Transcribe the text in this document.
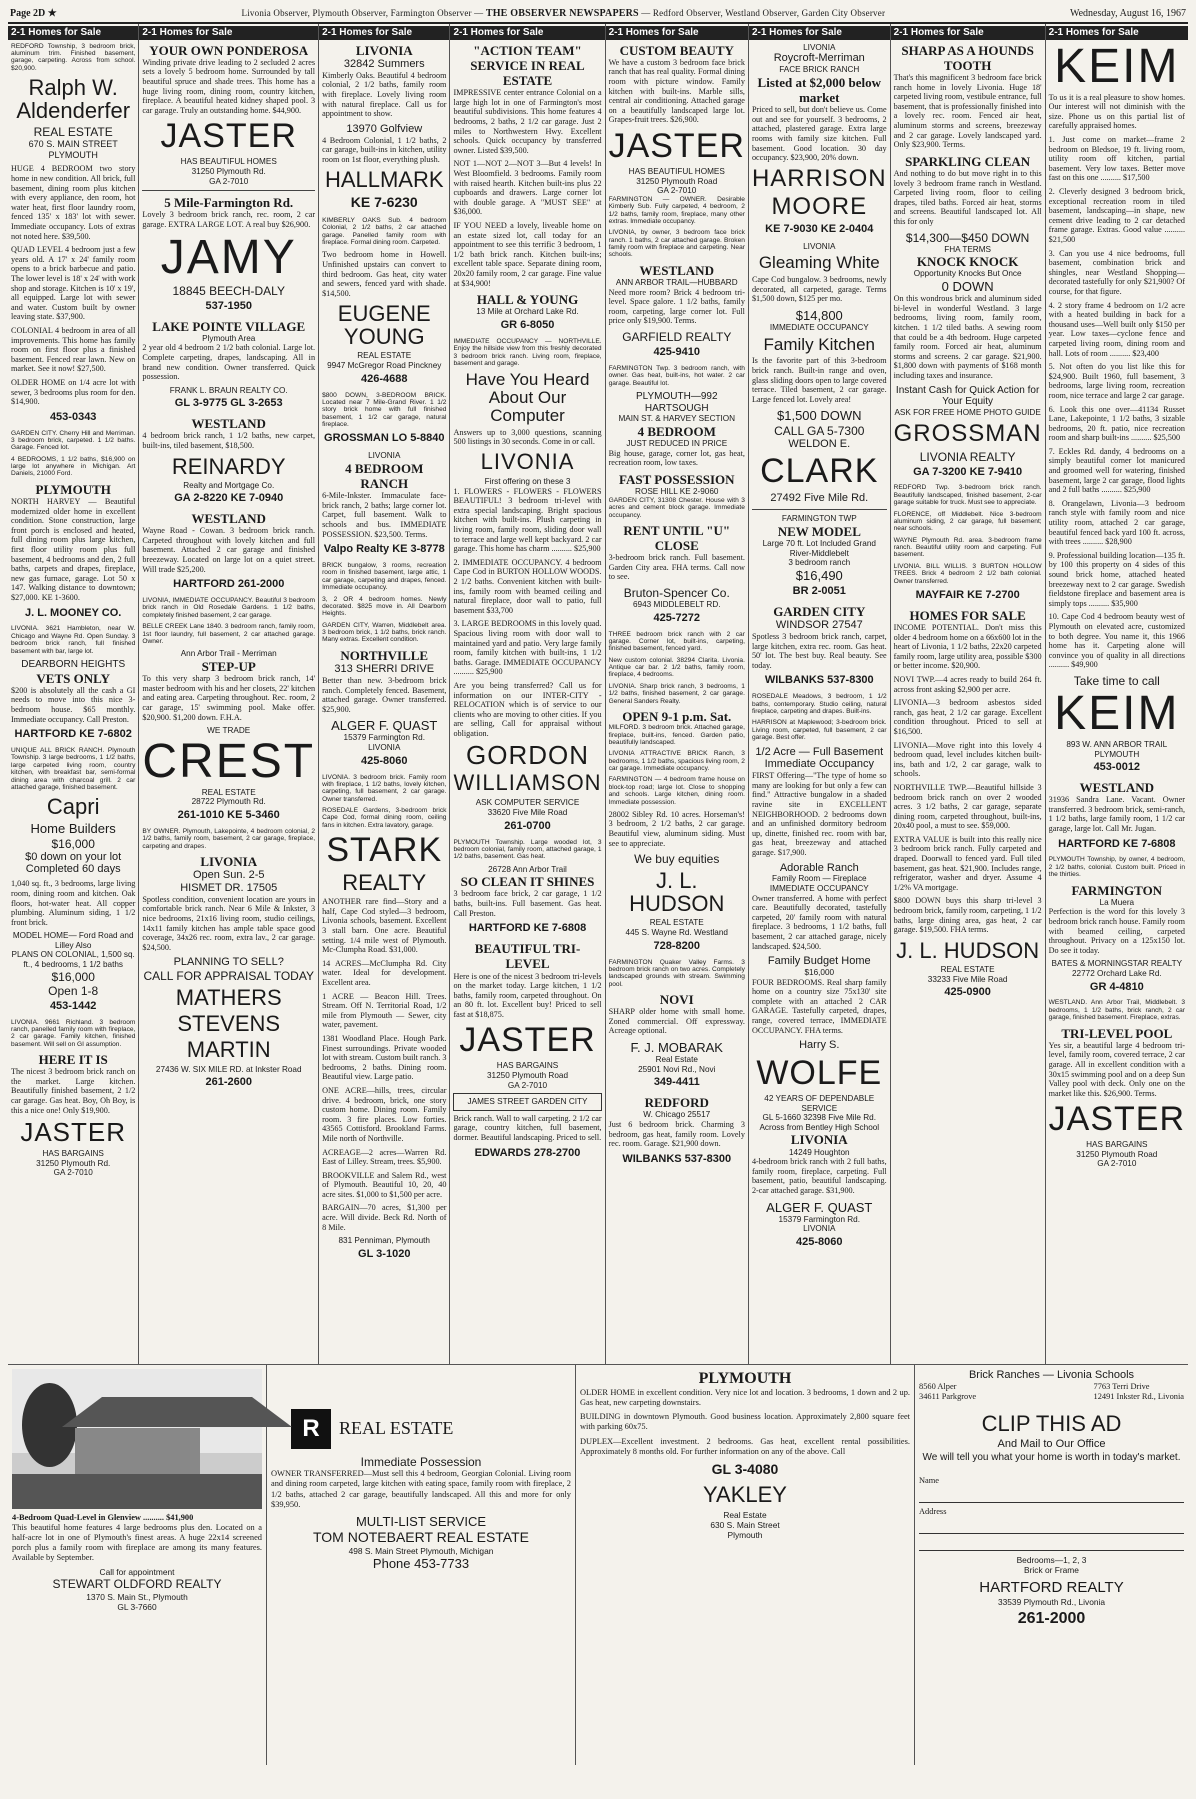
Page 2D ★	Livonia Observer, Plymouth Observer, Farmington Observer — THE OBSERVER NEWSPAPERS — Redford Observer, Westland Observer, Garden City Observer	Wednesday, August 16, 1967
2-1 Homes for Sale

REDFORD Township, 3 bedroom brick, aluminum trim. Finished basement, garage, carpeting. Across from school. $20,900.

Ralph W. Aldenderfer
REAL ESTATE
670 S. MAIN STREET PLYMOUTH

HUGE 4 BEDROOM two story home in new condition. All brick, full basement, dining room plus kitchen with every appliance, den room, hot water heat, first floor laundry room, fenced 135' x 183' lot with sewer. Immediate occupancy. Lots of extras not noted here. $39,500.

QUAD LEVEL 4 bedroom just a few years old. A 17' x 24' family room opens to a brick barbecue and patio. The lower level is 18' x 24' with work shop and storage. Kitchen is 10' x 19', all equipped. Large lot with sewer and water. Custom built by owner leaving state. $37,900.

COLONIAL 4 bedroom in area of all improvements. This home has family room on first floor plus a finished basement. Fenced rear lawn. New on market. See it now! $27,500.

OLDER HOME on 1/4 acre lot with sewer, 3 bedrooms plus room for den. $14,900.

453-0343

GARDEN CITY. Cherry Hill and Merriman. 3 bedroom brick, carpeted. 1 1/2 baths. Garage. Fenced lot.

4 BEDROOMS, 1 1/2 baths, $16,900 on large lot anywhere in Michigan. Art Daniels, 21000 Ford.

PLYMOUTH

NORTH HARVEY — Beautiful modernized older home in excellent condition. Stone construction, large front porch is enclosed and heated, full dining room plus large kitchen, first floor utility room plus full basement, 4 bedrooms and den, 2 full baths, carpets and drapes, fireplace, new gas furnace, garage. Lot 50 x 147. Walking distance to downtown; $27,000. KE 1-3600.

J. L. MOONEY CO.

LIVONIA. 3621 Hambleton, near W. Chicago and Wayne Rd. Open Sunday. 3 bedroom brick ranch, full finished basement with bar, large lot.

DEARBORN HEIGHTS
VETS ONLY

$200 is absolutely all the cash a GI needs to move into this nice 3-bedroom house. $65 monthly. Immediate occupancy. Call Preston.

HARTFORD KE 7-6802

UNIQUE ALL BRICK RANCH. Plymouth Township. 3 large bedrooms, 1 1/2 baths, large carpeted living room, country kitchen, with breakfast bar, semi-formal dining area with charcoal grill. 2 car attached garage, finished basement.

Capri
Home Builders
$16,000
$0 down on your lot
Completed 60 days

1,040 sq. ft., 3 bedrooms, large living room, dining room and kitchen. Oak floors, hot-water heat. All copper plumbing. Aluminum siding, 1 1/2 front brick.

MODEL HOME— Ford Road and Lilley Also
PLANS ON COLONIAL, 1,500 sq. ft., 4 bedrooms, 1 1/2 baths
$16,000
Open 1-8
453-1442

LIVONIA. 9661 Richland. 3 bedroom ranch, panelled family room with fireplace, 2 car garage. Family kitchen, finished basement. Will sell on GI assumption.

HERE IT IS

The nicest 3 bedroom brick ranch on the market. Large kitchen. Beautifully finished basement, 2 1/2 car garage. Gas heat. Boy, Oh Boy, is this a nice one! Only $19,900.

JASTER
HAS BARGAINS
31250 Plymouth Rd.
GA 2-7010
2-1 Homes for Sale
YOUR OWN PONDEROSA

Winding private drive leading to 2 secluded 2 acres sets a lovely 5 bedroom home. Surrounded by tall beautiful spruce and shade trees. This home has a huge living room, dining room, country kitchen, fireplace. A beautiful heated kidney shaped pool. 3 car garage. Truly an outstanding home. $44,900.

JASTER
HAS BEAUTIFUL HOMES
31250 Plymouth Rd.
GA 2-7010
5 Mile-Farmington Rd.

Lovely 3 bedroom brick ranch, rec. room, 2 car garage. EXTRA LARGE LOT. A real buy $26,900.

JAMY
18845 BEECH-DALY
537-1950
LAKE POINTE VILLAGE
Plymouth Area

2 year old 4 bedroom 2 1/2 bath colonial. Large lot. Complete carpeting, drapes, landscaping. All in brand new condition. Owner transferred. Quick possession.

FRANK L. BRAUN REALTY CO.
GL 3-9775 GL 3-2653
WESTLAND

4 bedroom brick ranch, 1 1/2 baths, new carpet, built-ins, tiled basement, $18,500.

REINARDY
Realty and Mortgage Co.
GA 2-8220 KE 7-0940
WESTLAND

Wayne Road - Cowan. 3 bedroom brick ranch. Carpeted throughout with lovely kitchen and full basement. Attached 2 car garage and finished breezeway. Located on large lot on a quiet street. Will trade $25,200.

HARTFORD 261-2000

LIVONIA, IMMEDIATE OCCUPANCY. Beautiful 3 bedroom brick ranch in Old Rosedale Gardens. 1 1/2 baths, completely finished basement, 2 car garage.

BELLE CREEK Lane 1840. 3 bedroom ranch, family room, 1st floor laundry, full basement, 2 car attached garage. Owner.

Ann Arbor Trail - Merriman
STEP-UP

To this very sharp 3 bedroom brick ranch, 14' master bedroom with his and her closets, 22' kitchen and eating area. Carpeting throughout. Rec. room, 2 car garage, 15' swimming pool. Make offer. $20,900. $1,200 down. F.H.A.

WE TRADE
CREST
REAL ESTATE
28722 Plymouth Rd.
261-1010 KE 5-3460

BY OWNER. Plymouth, Lakepointe, 4 bedroom colonial, 2 1/2 baths, family room, basement, 2 car garage, fireplace, carpeting and drapes.

LIVONIA
Open Sun. 2-5
HISMET DR. 17505

Spotless condition, convenient location are yours in comfortable brick ranch. Near 6 Mile & Inkster, 3 nice bedrooms, 21x16 living room, studio ceilings, 14x11 family kitchen has ample table space good coverage, 34x26 rec. room, extra lav., 2 car garage. $24,500.

PLANNING TO SELL?
CALL FOR APPRAISAL TODAY
MATHERS
STEVENS
MARTIN
27436 W. SIX MILE RD. at Inkster Road
261-2600
2-1 Homes for Sale
LIVONIA
32842 Summers

Kimberly Oaks. Beautiful 4 bedroom colonial, 2 1/2 baths, family room with fireplace. Lovely living room with natural fireplace. Call us for appointment to show.

13970 Golfview

4 Bedroom Colonial, 1 1/2 baths, 2 car garage, built-ins in kitchen, utility room on 1st floor, everything plush.

HALLMARK
KE 7-6230

KIMBERLY OAKS Sub. 4 bedroom Colonial, 2 1/2 baths, 2 car attached garage. Panelled family room with fireplace. Formal dining room. Carpeted.

Two bedroom home in Howell. Unfinished upstairs can convert to third bedroom. Gas heat, city water and sewers, fenced yard with shade. $14,500.

EUGENE YOUNG
REAL ESTATE
9947 McGregor Road Pinckney
426-4688

$800 DOWN, 3-BEDROOM BRICK. Located near 7 Mile-Grand River. 1 1/2 story brick home with full finished basement, 1 1/2 car garage, natural fireplace.

GROSSMAN LO 5-8840
LIVONIA
4 BEDROOM RANCH

6-Mile-Inkster. Immaculate face-brick ranch, 2 baths; large corner lot. Carpet, full basement. Walk to schools and bus. IMMEDIATE POSSESSION. $23,500. Terms.

Valpo Realty KE 3-8778

BRICK bungalow, 3 rooms, recreation room in finished basement, large attic, 1 car garage, carpeting and drapes, fenced. Immediate occupancy.

3, 2 OR 4 bedroom homes. Newly decorated. $825 move in. All Dearborn Heights.

GARDEN CITY, Warren, Middlebelt area. 3 bedroom brick, 1 1/2 baths, brick ranch. Many extras. Excellent condition.

NORTHVILLE
313 SHERRI DRIVE

Better than new. 3-bedroom brick ranch. Completely fenced. Basement, attached garage. Owner transferred. $25,900.

ALGER F. QUAST
15379 Farmington Rd.
LIVONIA
425-8060

LIVONIA. 3 bedroom brick. Family room with fireplace, 1 1/2 baths, lovely kitchen, carpeting, full basement, 2 car garage. Owner transferred.

ROSEDALE Gardens, 3-bedroom brick Cape Cod, formal dining room, ceiling fans in kitchen. Extra lavatory, garage.

STARK
REALTY

ANOTHER rare find—Story and a half, Cape Cod styled—3 bedroom, Livonia schools, basement. Excellent 3 stall barn. One acre. Beautiful setting. 1/4 mile west of Plymouth. Mc-Clumpha Road. $31,000.

14 ACRES—McClumpha Rd. City water. Ideal for development. Excellent area.

1 ACRE — Beacon Hill. Trees. Stream. Off N. Territorial Road, 1/2 mile from Plymouth — Sewer, city water, pavement.

1381 Woodland Place. Hough Park. Finest surroundings. Private wooded lot with stream. Custom built ranch. 3 bedrooms, 2 baths. Dining room. Beautiful view. Large patio.

ONE ACRE—hills, trees, circular drive. 4 bedroom, brick, one story custom home. Dining room. Family room. 3 fire places. Low forties. 43565 Cottisford. Brookland Farms. Mile north of Northville.

ACREAGE—2 acres—Warren Rd. East of Lilley. Stream, trees. $5,900.

BROOKVILLE and Salem Rd., west of Plymouth. Beautiful 10, 20, 40 acre sites. $1,000 to $1,500 per acre.

BARGAIN—70 acres, $1,300 per acre. Will divide. Beck Rd. North of 8 Mile.

831 Penniman, Plymouth
GL 3-1020
2-1 Homes for Sale
"ACTION TEAM" SERVICE IN REAL ESTATE

IMPRESSIVE center entrance Colonial on a large high lot in one of Farmington's most beautiful subdivisions. This home features 4 bedrooms, 2 baths, 2 1/2 car garage. Just 2 miles to Northwestern Hwy. Excellent schools. Quick occupancy by transferred owner. Listed $39,500.

NOT 1—NOT 2—NOT 3—But 4 levels! In West Bloomfield. 3 bedrooms. Family room with raised hearth. Kitchen built-ins plus 22 cupboards and drawers. Large corner lot with double garage. A "MUST SEE" at $36,000.

IF YOU NEED a lovely, liveable home on an estate sized lot, call today for an appointment to see this terrific 3 bedroom, 1 1/2 bath brick ranch. Kitchen built-ins; excellent table space. Separate dining room, 20x20 family room, 2 car garage. Fine value at $34,900!

HALL & YOUNG
13 Mile at Orchard Lake Rd.
GR 6-8050

IMMEDIATE OCCUPANCY — NORTHVILLE. Enjoy the hillside view from this freshly decorated 3 bedroom brick ranch. Living room, fireplace, basement and garage.

Have You Heard About Our Computer

Answers up to 3,000 questions, scanning 500 listings in 30 seconds. Come in or call.

LIVONIA
First offering on these 3

1. FLOWERS - FLOWERS - FLOWERS BEAUTIFUL! 3 bedroom tri-level with extra special landscaping. Bright spacious kitchen with built-ins. Plush carpeting in living room, family room, sliding door wall to terrace and large well kept backyard. 2 car garage. This home has charm .......... $25,900

2. IMMEDIATE OCCUPANCY. 4 bedroom Cape Cod in BURTON HOLLOW WOODS. 2 1/2 baths. Convenient kitchen with built-ins, family room with beamed ceiling and natural fireplace, door wall to patio, full basement $33,700

3. LARGE BEDROOMS in this lovely quad. Spacious living room with door wall to maintained yard and patio. Very large family room, family kitchen with built-ins, 1 1/2 baths. Garage. IMMEDIATE OCCUPANCY .......... $25,900

Are you being transferred? Call us for information on our INTER-CITY - RELOCATION which is of service to our clients who are moving to other cities. If you are selling, Call for appraisal without obligation.

GORDON
WILLIAMSON
ASK COMPUTER SERVICE
33620 Five Mile Road
261-0700

PLYMOUTH Township. Large wooded lot, 3 bedroom colonial, family room, attached garage, 1 1/2 baths, basement. Gas heat.

26728 Ann Arbor Trail
SO CLEAN IT SHINES

3 bedroom face brick, 2 car garage, 1 1/2 baths, built-ins. Full basement. Gas heat. Call Preston.

HARTFORD KE 7-6808
BEAUTIFUL TRI-LEVEL

Here is one of the nicest 3 bedroom tri-levels on the market today. Large kitchen, 1 1/2 baths, family room, carpeted throughout. On an 80 ft. lot. Excellent buy! Priced to sell fast at $18,875.

JASTER
HAS BARGAINS
31250 Plymouth Road
GA 2-7010
JAMES STREET GARDEN CITY

Brick ranch. Wall to wall carpeting. 2 1/2 car garage, country kitchen, full basement, dormer. Beautiful landscaping. Priced to sell.

EDWARDS 278-2700
2-1 Homes for Sale
CUSTOM BEAUTY

We have a custom 3 bedroom face brick ranch that has real quality. Formal dining room with picture window. Family kitchen with built-ins. Marble sills, central air conditioning. Attached garage on a beautifully landscaped large lot. Grapes-fruit trees. $26,900.

JASTER
HAS BEAUTIFUL HOMES
31250 Plymouth Road
GA 2-7010

FARMINGTON — OWNER. Desirable Kimberly Sub. Fully carpeted, 4 bedroom, 2 1/2 baths, family room, fireplace, many other extras. Immediate occupancy.

LIVONIA, by owner, 3 bedroom face brick ranch. 1 baths, 2 car attached garage. Broken family room with fireplace and carpeting. Near schools.

WESTLAND
ANN ARBOR TRAIL—HUBBARD

Need more room? Brick 4 bedroom tri-level. Space galore. 1 1/2 baths, family room, carpeting, large corner lot. Full price only $19,900. Terms.

GARFIELD REALTY
425-9410

FARMINGTON Twp. 3 bedroom ranch, with owner. Gas heat, built-ins, hot water. 2 car garage. Beautiful lot.

PLYMOUTH—992 HARTSOUGH
MAIN ST. & HARVEY SECTION
4 BEDROOM
JUST REDUCED IN PRICE

Big house, garage, corner lot, gas heat, recreation room, low taxes.

FAST POSSESSION
ROSE HILL KE 2-9060

GARDEN CITY, 31308 Chester. House with 3 acres and cement block garage. Immediate occupancy.

RENT UNTIL "U" CLOSE

3-bedroom brick ranch. Full basement. Garden City area. FHA terms. Call now to see.

Bruton-Spencer Co.
6943 MIDDLEBELT RD.
425-7272

THREE bedroom brick ranch with 2 car garage. Corner lot, built-ins, carpeting, finished basement, fenced yard.

New custom colonial. 38294 Clarita. Livonia. Antique car bar. 2 1/2 baths, family room, fireplace, 4 bedrooms.

LIVONIA. Sharp brick ranch, 3 bedrooms, 1 1/2 baths, finished basement, 2 car garage. General Sanders Realty.

OPEN 9-1 p.m. Sat.

MILFORD. 3 bedroom brick. Attached garage, fireplace, built-ins, fenced. Garden patio, beautifully landscaped.

LIVONIA ATTRACTIVE BRICK Ranch, 3 bedrooms, 1 1/2 baths, spacious living room, 2 car garage. Immediate occupancy.

FARMINGTON — 4 bedroom frame house on block-top road; large lot. Close to shopping and schools. Large kitchen, dining room. Immediate possession.

28002 Sibley Rd. 10 acres. Horseman's! 3 bedroom, 2 1/2 baths, 2 car garage. Beautiful view, aluminum siding. Must see to appreciate.

We buy equities
J. L. HUDSON
REAL ESTATE
445 S. Wayne Rd. Westland
728-8200

FARMINGTON Quaker Valley Farms. 3 bedroom brick ranch on two acres. Completely landscaped grounds with stream. Swimming pool.

NOVI

SHARP older home with small home. Zoned commercial. Off expressway. Acreage optional.

F. J. MOBARAK
Real Estate
25901 Novi Rd., Novi
349-4411
REDFORD
W. Chicago 25517

Just 6 bedroom brick. Charming 3 bedroom, gas heat, family room. Lovely rec. room. Garage. $21,900 down.

WILBANKS 537-8300
2-1 Homes for Sale
LIVONIA
Roycroft-Merriman
FACE BRICK RANCH
Listed at $2,000 below market

Priced to sell, but don't believe us. Come out and see for yourself. 3 bedrooms, 2 attached, plastered garage. Extra large rooms with family size kitchen. Full basement. Good location. 30 day occupancy. $23,900, 20% down.

HARRISON
MOORE
KE 7-9030 KE 2-0404
LIVONIA
Gleaming White

Cape Cod bungalow. 3 bedrooms, newly decorated, all carpeted, garage. Terms $1,500 down, $125 per mo.

$14,800
IMMEDIATE OCCUPANCY
Family Kitchen

Is the favorite part of this 3-bedroom brick ranch. Built-in range and oven, glass sliding doors open to large covered terrace. Tiled basement, 2 car garage. Large fenced lot. Lovely area!

$1,500 DOWN
CALL GA 5-7300
WELDON E.
CLARK
27492 Five Mile Rd.
FARMINGTON TWP
NEW MODEL
Large 70 ft. Lot Included Grand River-Middlebelt
3 bedroom ranch
$16,490
BR 2-0051
GARDEN CITY
WINDSOR 27547

Spotless 3 bedroom brick ranch, carpet, large kitchen, extra rec. room. Gas heat. 50' lot. The best buy. Real beauty. See today.

WILBANKS 537-8300

ROSEDALE Meadows, 3 bedroom, 1 1/2 baths, contemporary. Studio ceiling, natural fireplace, carpeting and drapes. Built-ins.

HARRISON at Maplewood; 3-bedroom brick. Living room, carpeted, full basement, 2 car garage. Best offer.

1/2 Acre — Full Basement
Immediate Occupancy

FIRST Offering—"The type of home so many are looking for but only a few can find." Attractive bungalow in a shaded ravine site in EXCELLENT NEIGHBORHOOD. 2 bedrooms down and an unfinished dormitory bedroom up, dinette, finished rec. room with bar, gas heat, breezeway and attached garage. $17,900.

Adorable Ranch
Family Room — Fireplace
IMMEDIATE OCCUPANCY

Owner transferred. A home with perfect care. Beautifully decorated, tastefully carpeted, 20' family room with natural fireplace. 3 bedrooms, 1 1/2 baths, full basement, 2 car attached garage, nicely landscaped. $24,500.

Family Budget Home
$16,000

FOUR BEDROOMS. Real sharp family home on a country size 75x130' site complete with an attached 2 CAR GARAGE. Tastefully carpeted, drapes, range, covered terrace, IMMEDIATE OCCUPANCY. FHA terms.

Harry S.
WOLFE
42 YEARS OF DEPENDABLE SERVICE
GL 5-1660 32398 Five Mile Rd.
Across from Bentley High School
LIVONIA
14249 Houghton

4-bedroom brick ranch with 2 full baths, family room, fireplace, carpeting. Full basement, patio, beautiful landscaping. 2-car attached garage. $31,900.

ALGER F. QUAST
15379 Farmington Rd.
LIVONIA
425-8060
2-1 Homes for Sale
SHARP AS A HOUNDS TOOTH

That's this magnificent 3 bedroom face brick ranch home in lovely Livonia. Huge 18' carpeted living room, vestibule entrance, full basement, that is professionally finished into a lovely rec. room. Fenced air heat, aluminum storms and screens, breezeway and 2 car garage. Lovely landscaped yard. Only $23,900. Terms.

SPARKLING CLEAN

And nothing to do but move right in to this lovely 3 bedroom frame ranch in Westland. Carpeted living room, floor to ceiling drapes, tiled baths. Forced air heat, storms and screens. Beautiful landscaped lot. All this for only

$14,300—$450 DOWN
FHA TERMS
KNOCK KNOCK
Opportunity Knocks But Once
0 DOWN

On this wondrous brick and aluminum sided bi-level in wonderful Westland. 3 large bedrooms, living room, family room, kitchen. 1 1/2 tiled baths. A sewing room that could be a 4th bedroom. Huge carpeted family room. Forced air heat, aluminum storms and screens. 2 car garage. $21,900. $1,800 down with payments of $168 month including taxes and insurance.

Instant Cash for Quick Action for Your Equity
ASK FOR FREE HOME PHOTO GUIDE
GROSSMAN
LIVONIA REALTY
GA 7-3200 KE 7-9410

REDFORD Twp. 3-bedroom brick ranch. Beautifully landscaped, finished basement, 2-car garage suitable for truck. Must see to appreciate.

FLORENCE, off Middlebelt. Nice 3-bedroom aluminum siding, 2 car garage, full basement; near schools.

WAYNE Plymouth Rd. area. 3-bedroom frame ranch. Beautiful utility room and carpeting. Full basement.

LIVONIA. BILL WILLIS. 3 BURTON HOLLOW TREES. Brick 4 bedroom 2 1/2 bath colonial. Owner transferred.

MAYFAIR KE 7-2700
HOMES FOR SALE

INCOME POTENTIAL. Don't miss this older 4 bedroom home on a 66x600 lot in the heart of Livonia, 1 1/2 baths, 22x20 carpeted family room, large utility area, possible $300 or better income. $20,900.

NOVI TWP.—4 acres ready to build 264 ft. across front asking $2,900 per acre.

LIVONIA—3 bedroom asbestos sided ranch, gas heat, 2 1/2 car garage. Excellent condition throughout. Priced to sell at $16,500.

LIVONIA—Move right into this lovely 4 bedroom quad, level includes kitchen built-ins, bath and 1/2, 2 car garage, walk to schools.

NORTHVILLE TWP.—Beautiful hillside 3 bedroom brick ranch on over 2 wooded acres. 3 1/2 baths, 2 car garage, separate dining room, carpeted throughout, built-ins, 20x40 pool, a must to see. $59,000.

EXTRA VALUE is built into this really nice 3 bedroom brick ranch. Fully carpeted and draped. Doorwall to fenced yard. Full tiled basement, gas heat. $21,900. Includes range, refrigerator, washer and dryer. Assume 4 1/2% VA mortgage.

$800 DOWN buys this sharp tri-level 3 bedroom brick, family room, carpeting, 1 1/2 baths, large dining area, gas heat, 2 car garage. $19,500. FHA terms.

J. L. HUDSON
REAL ESTATE
33233 Five Mile Road
425-0900
2-1 Homes for Sale
KEIM

To us it is a real pleasure to show homes. Our interest will not diminish with the size. Phone us on this partial list of carefully appraised homes.

1. Just come on market—frame 2 bedroom on Bledsoe, 19 ft. living room, utility room off kitchen, partial basement. Very low taxes. Better move fast on this one .......... $17,500

2. Cleverly designed 3 bedroom brick, exceptional recreation room in tiled basement, landscaping—in shape, new cement drive leading to 2 car detached frame garage. Extras. Good value .......... $21,500

3. Can you use 4 nice bedrooms, full basement, combination brick and shingles, near Westland Shopping—decorated tastefully for only $21,900? Of course, for that figure.

4. 2 story frame 4 bedroom on 1/2 acre with a heated building in back for a thousand uses—Well built only $150 per year. Low taxes—cyclone fence and carpeted living room, dining room and hall. Lots of room .......... $23,400

5. Not often do you list like this for $24,900. Built 1960, full basement, 3 bedrooms, large living room, recreation room, nice terrace and large 2 car garage.

6. Look this one over—41134 Russet Lane, Lakepointe, 1 1/2 baths, 3 sizable bedrooms, 20 ft. patio, nice recreation room and sharp built-ins .......... $25,500

7. Eckles Rd. dandy, 4 bedrooms on a simply beautiful corner lot manicured and groomed well for watering, finished basement, large 2 car garage, flood lights and 2 full baths .......... $25,900

8. Orangelawn, Livonia—3 bedroom ranch style with family room and nice utility room, attached 2 car garage, beautiful fenced back yard 100 ft. across, with trees .......... $28,900

9. Professional building location—135 ft. by 100 this property on 4 sides of this sound brick home, attached heated breezeway next to 2 car garage. Swedish fieldstone fireplace and basement area is simply tops .......... $35,900

10. Cape Cod 4 bedroom beauty west of Plymouth on elevated acre, customized to both degree. You name it, this 1966 home has it. Carpeting alone will convince you of quality in all directions .......... $49,900

Take time to call
KEIM
893 W. ANN ARBOR TRAIL PLYMOUTH
453-0012
WESTLAND

31936 Sandra Lane. Vacant. Owner transferred. 3 bedroom brick, semi-ranch, 1 1/2 baths, large family room, 1 1/2 car garage, large lot. Call Mr. Jugan.

HARTFORD KE 7-6808

PLYMOUTH Township, by owner, 4 bedroom, 2 1/2 baths, colonial. Custom built. Priced in the thirties.

FARMINGTON
La Muera

Perfection is the word for this lovely 3 bedroom brick ranch house. Family room with beamed ceiling, carpeted throughout. Privacy on a 125x150 lot. Do see it today.

BATES & MORNINGSTAR REALTY
22772 Orchard Lake Rd.
GR 4-4810

WESTLAND. Ann Arbor Trail, Middlebelt. 3 bedrooms, 1 1/2 baths, brick ranch, 2 car garage, finished basement. Fireplace, extras.

TRI-LEVEL POOL

Yes sir, a beautiful large 4 bedroom tri-level, family room, covered terrace, 2 car garage. All in excellent condition with a 30x15 swimming pool and on a deep Sun Valley pool with deck. Only one on the market like this. $26,900. Terms.

JASTER
HAS BARGAINS
31250 Plymouth Road
GA 2-7010
4-Bedroom Quad-Level in Glenview .......... $41,900

This beautiful home features 4 large bedrooms plus den. Located on a half-acre lot in one of Plymouth's finest areas. A huge 22x14 screened porch plus a family room with fireplace are among its many features. Available by September.

Call for appointment
STEWART OLDFORD REALTY
1370 S. Main St., Plymouth
GL 3-7660
R	REAL ESTATE
Immediate Possession

OWNER TRANSFERRED—Must sell this 4 bedroom, Georgian Colonial. Living room and dining room carpeted, large kitchen with eating space, family room with fireplace, 2 1/2 baths, attached 2 car garage, beautifully landscaped. All this and more for only $39,950.

MULTI-LIST SERVICE
TOM NOTEBAERT REAL ESTATE
498 S. Main Street Plymouth, Michigan
Phone 453-7733
PLYMOUTH

OLDER HOME in excellent condition. Very nice lot and location. 3 bedrooms, 1 down and 2 up. Gas heat, new carpeting downstairs.

BUILDING in downtown Plymouth. Good business location. Approximately 2,800 square feet with parking 60x75.

DUPLEX—Excellent investment. 2 bedrooms. Gas heat, excellent rental possibilities. Approximately 8 months old. For further information on any of the above. Call

GL 3-4080
YAKLEY
Real Estate
630 S. Main Street
Plymouth
Brick Ranches — Livonia Schools
8560 Alper
34611 Parkgrove
7763 Terri Drive
12491 Inkster Rd., Livonia
CLIP THIS AD
And Mail to Our Office
We will tell you what your home is worth in today's market.
Name
Address
Bedrooms—1, 2, 3
Brick or Frame
HARTFORD REALTY
33539 Plymouth Rd., Livonia
261-2000
